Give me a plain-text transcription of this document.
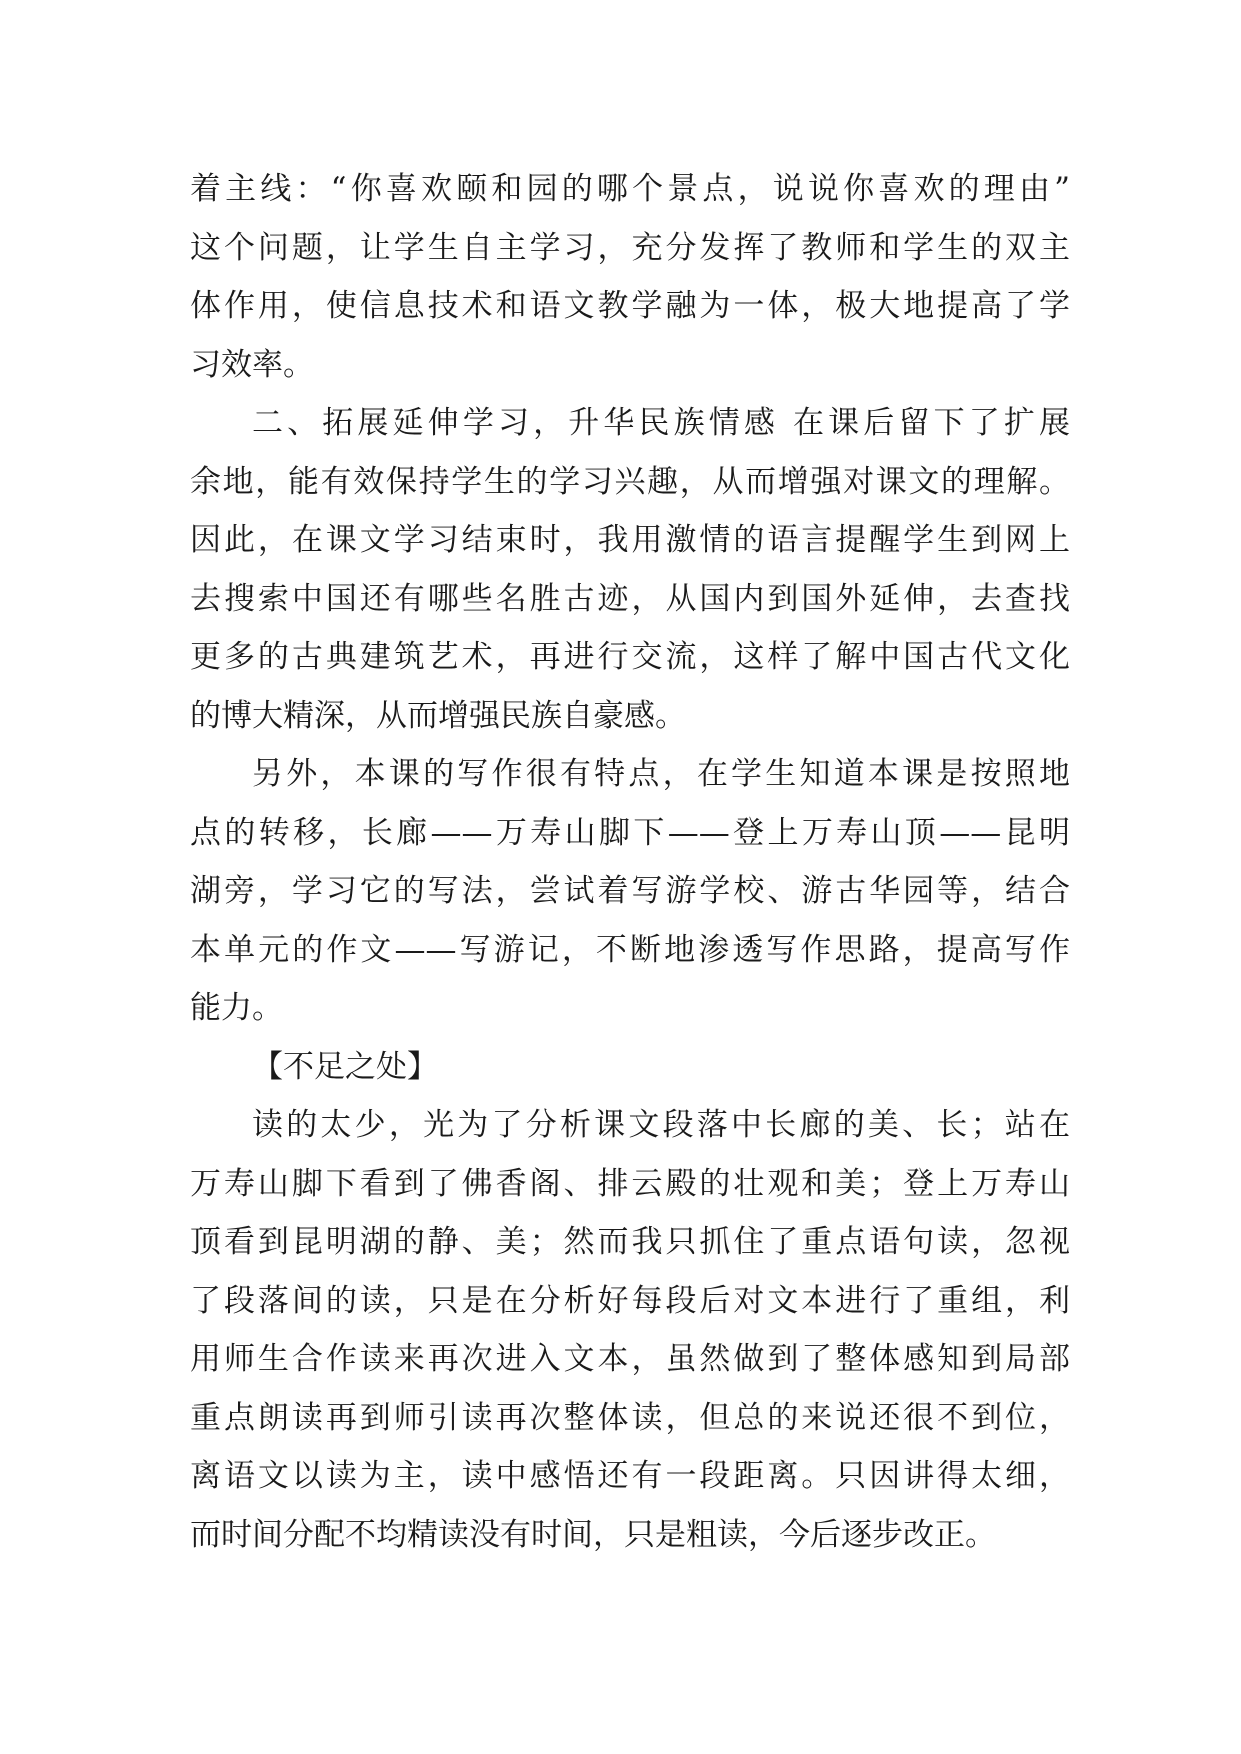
着主线：“你喜欢颐和园的哪个景点，说说你喜欢的理由”
这个问题，让学生自主学习，充分发挥了教师和学生的双主
体作用，使信息技术和语文教学融为一体，极大地提高了学
习效率。
二、拓展延伸学习，升华民族情感 在课后留下了扩展
余地，能有效保持学生的学习兴趣，从而增强对课文的理解。
因此，在课文学习结束时，我用激情的语言提醒学生到网上
去搜索中国还有哪些名胜古迹，从国内到国外延伸，去查找
更多的古典建筑艺术，再进行交流，这样了解中国古代文化
的博大精深，从而增强民族自豪感。
另外，本课的写作很有特点，在学生知道本课是按照地
点的转移，长廊——万寿山脚下——登上万寿山顶——昆明
湖旁，学习它的写法，尝试着写游学校、游古华园等，结合
本单元的作文——写游记，不断地渗透写作思路，提高写作
能力。
【不足之处】
读的太少，光为了分析课文段落中长廊的美、长；站在
万寿山脚下看到了佛香阁、排云殿的壮观和美；登上万寿山
顶看到昆明湖的静、美；然而我只抓住了重点语句读，忽视
了段落间的读，只是在分析好每段后对文本进行了重组，利
用师生合作读来再次进入文本，虽然做到了整体感知到局部
重点朗读再到师引读再次整体读，但总的来说还很不到位，
离语文以读为主，读中感悟还有一段距离。只因讲得太细，
而时间分配不均精读没有时间，只是粗读，今后逐步改正。
